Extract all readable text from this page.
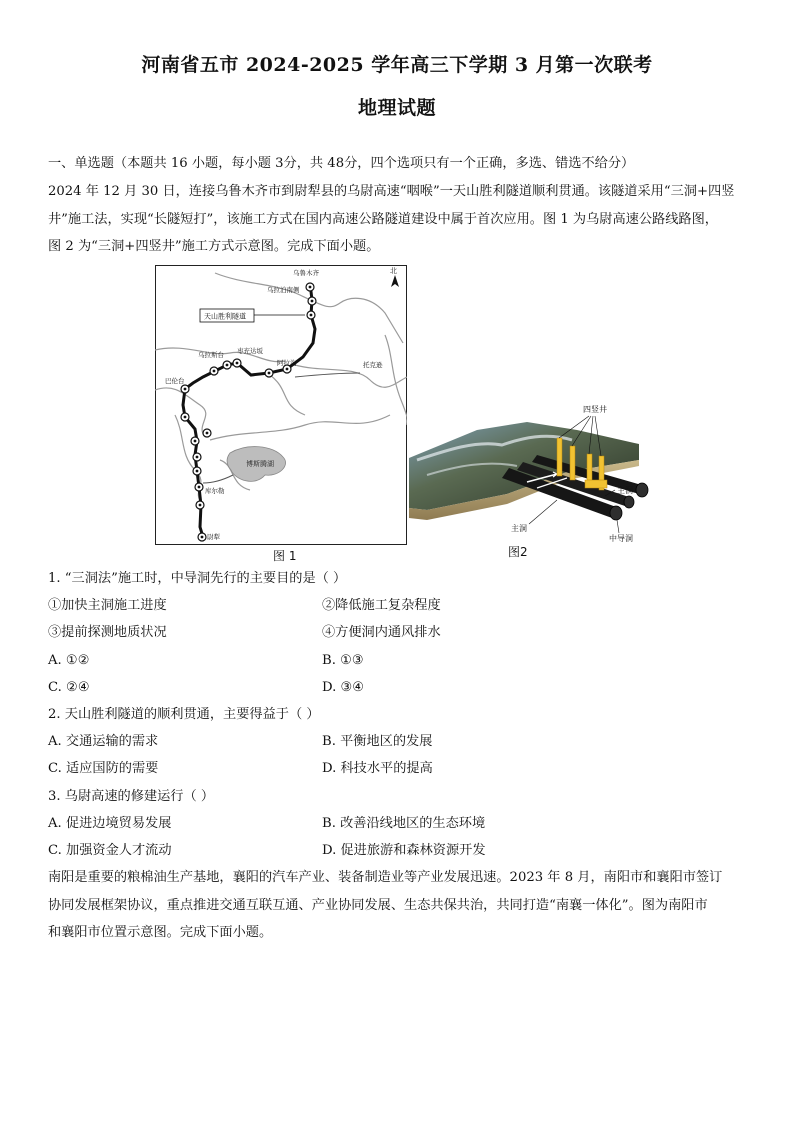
河南省五市 2024-2025 学年高三下学期 3 月第一次联考
地理试题
一、单选题（本题共 16 小题，每小题 3分，共 48分，四个选项只有一个正确，多选、错选不给分）
2024 年 12 月 30 日，连接乌鲁木齐市到尉犁县的乌尉高速“咽喉”一天山胜利隧道顺利贯通。该隧道采用“三洞+四竖
井”施工法，实现“长隧短打”，该施工方式在国内高速公路隧道建设中属于首次应用。图 1 为乌尉高速公路线路图，
图 2 为“三洞+四竖井”施工方式示意图。完成下面小题。
博斯腾湖
北
天山胜利隧道
乌鲁木齐
乌拉泊南侧
乌拉斯台 枣充达坂
阿拉沟	托克逊
巴伦台
库尔勒
尉犁
图 1
四竖井
主洞
主洞
中导洞
图2
1. “三洞法”施工时，中导洞先行的主要目的是（ ）
①加快主洞施工进度	②降低施工复杂程度
③提前探测地质状况	④方便洞内通风排水
A. ①②	B. ①③
C. ②④	D. ③④
2. 天山胜利隧道的顺利贯通，主要得益于（ ）
A. 交通运输的需求	B. 平衡地区的发展
C. 适应国防的需要	D. 科技水平的提高
3. 乌尉高速的修建运行（ ）
A. 促进边境贸易发展	B. 改善沿线地区的生态环境
C. 加强资金人才流动	D. 促进旅游和森林资源开发
南阳是重要的粮棉油生产基地，襄阳的汽车产业、装备制造业等产业发展迅速。2023 年 8 月，南阳市和襄阳市签订
协同发展框架协议，重点推进交通互联互通、产业协同发展、生态共保共治，共同打造“南襄一体化”。图为南阳市
和襄阳市位置示意图。完成下面小题。
